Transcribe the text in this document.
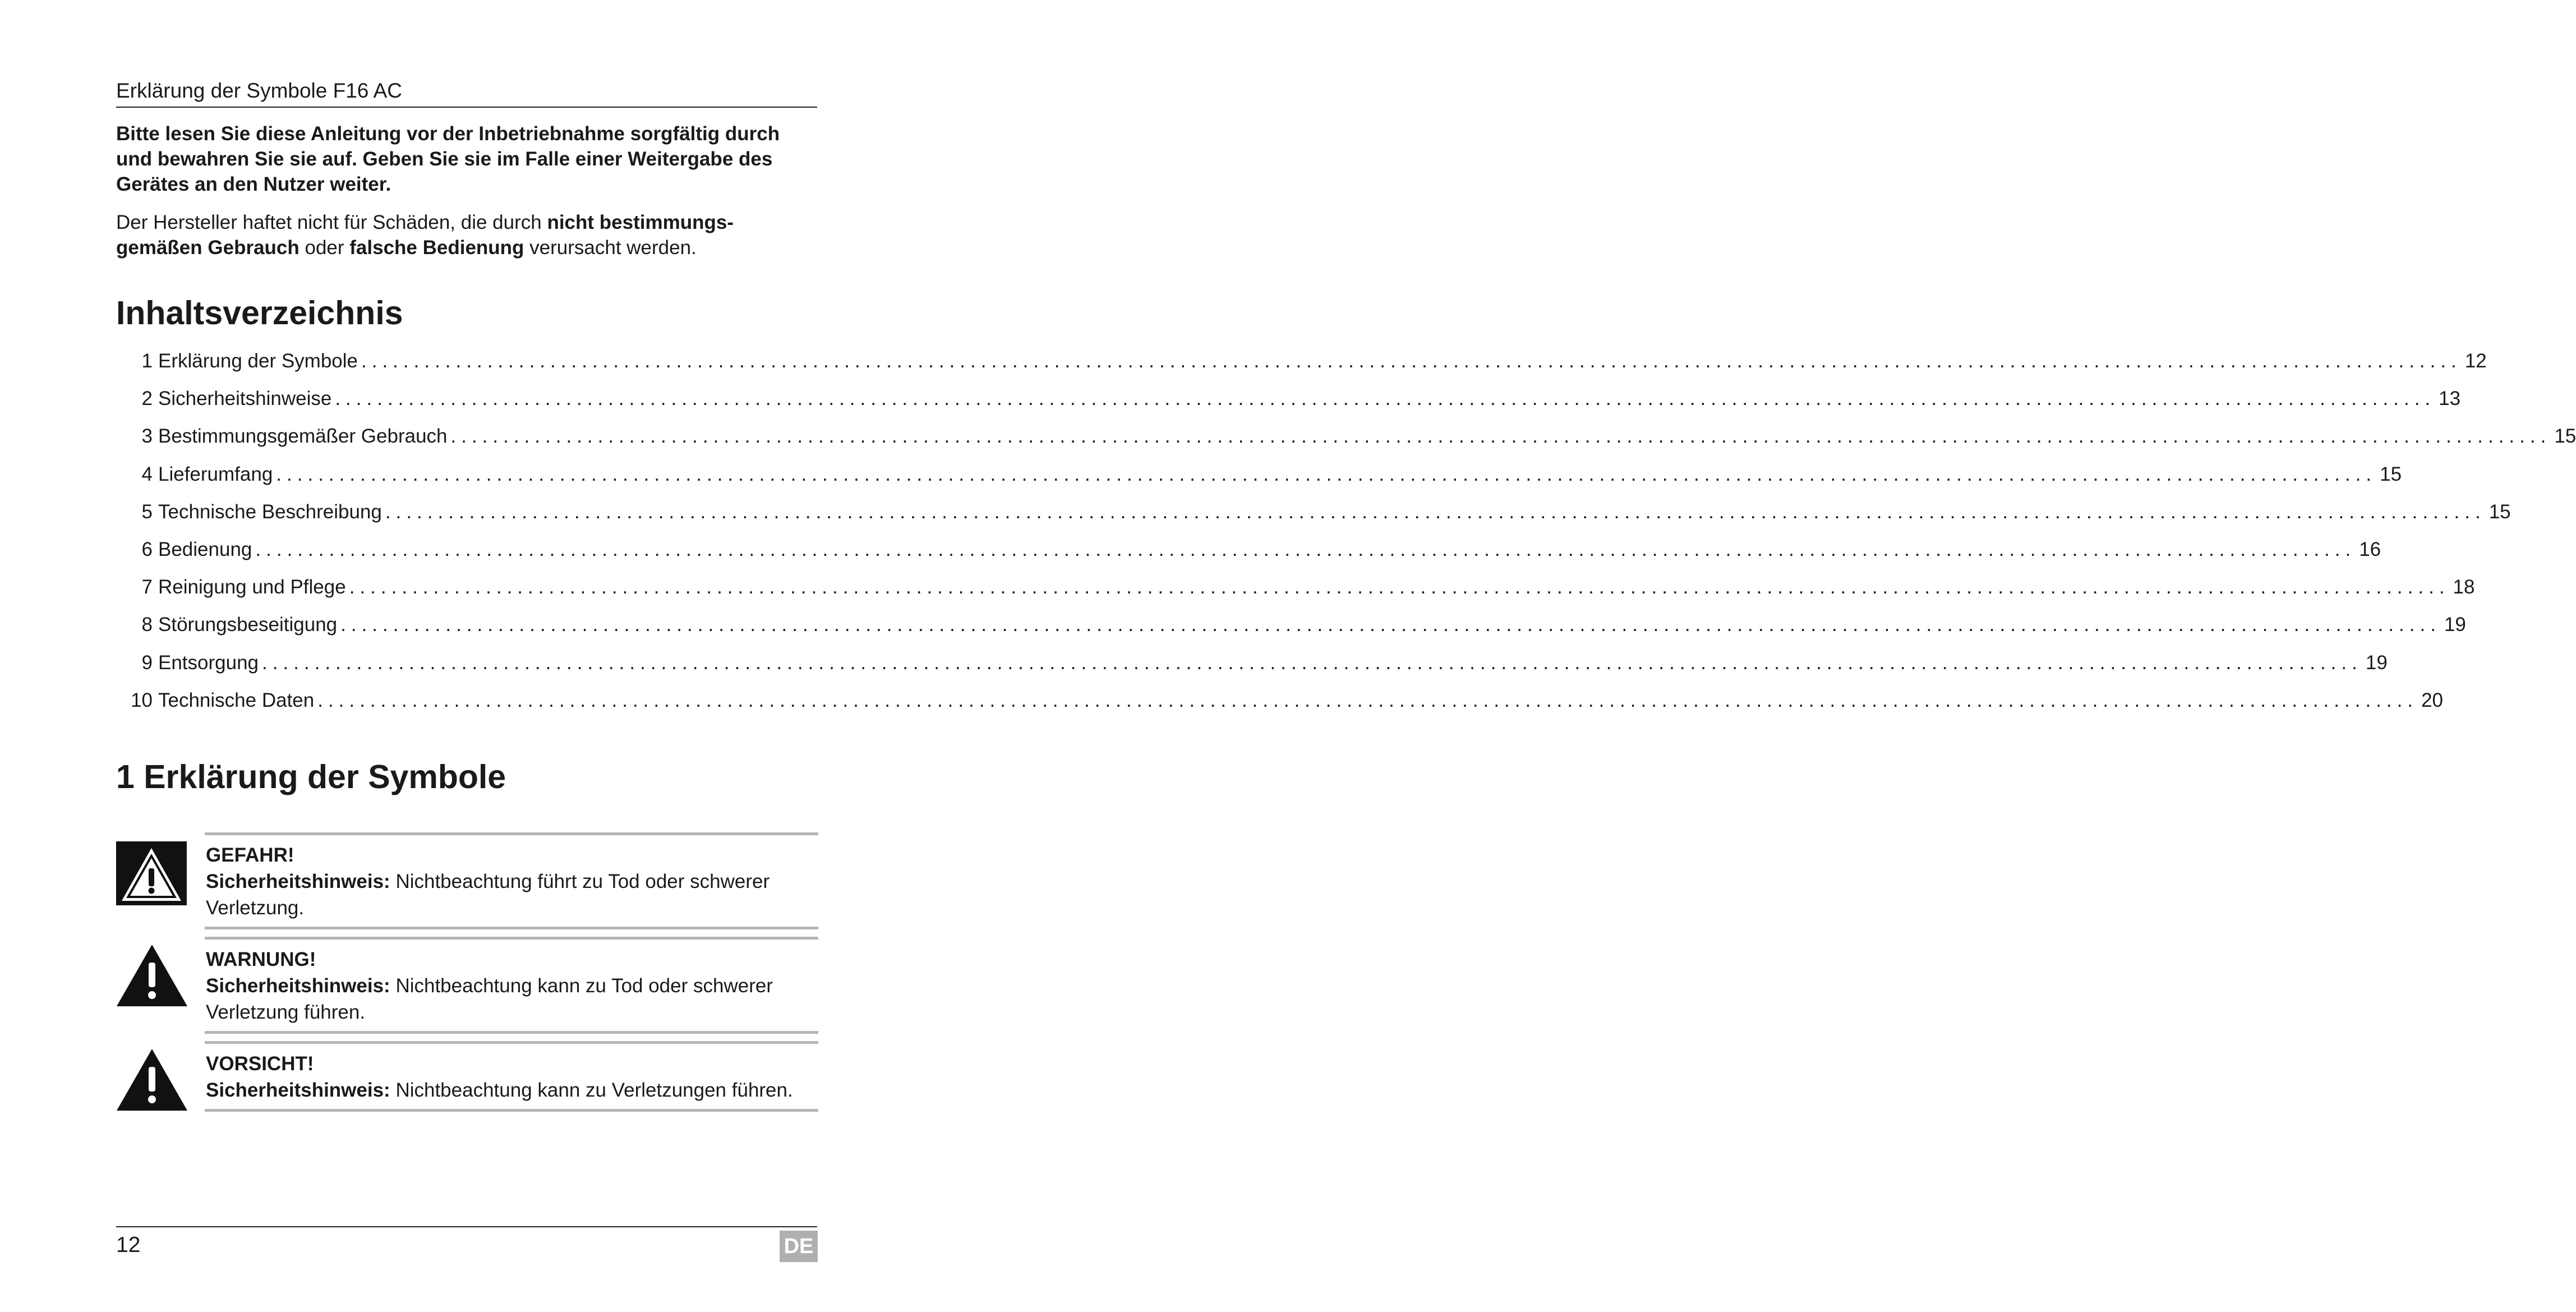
Erklärung der Symbole F16 AC
Bitte lesen Sie diese Anleitung vor der Inbetriebnahme sorgfältig durch und bewahren Sie sie auf. Geben Sie sie im Falle einer Weitergabe des Gerätes an den Nutzer weiter.
Der Hersteller haftet nicht für Schäden, die durch nicht bestimmungs-gemäßen Gebrauch oder falsche Bedienung verursacht werden.
Inhaltsverzeichnis
1 Erklärung der Symbole ........................................................................................................................................................................................................ 12
2 Sicherheitshinweise ........................................................................................................................................................................................................ 13
3 Bestimmungsgemäßer Gebrauch ........................................................................................................................................................................................................ 15
4 Lieferumfang ........................................................................................................................................................................................................ 15
5 Technische Beschreibung ........................................................................................................................................................................................................ 15
6 Bedienung ........................................................................................................................................................................................................ 16
7 Reinigung und Pflege ........................................................................................................................................................................................................ 18
8 Störungsbeseitigung ........................................................................................................................................................................................................ 19
9 Entsorgung ........................................................................................................................................................................................................ 19
10 Technische Daten ........................................................................................................................................................................................................ 20
1 Erklärung der Symbole
GEFAHR!
Sicherheitshinweis: Nichtbeachtung führt zu Tod oder schwerer Verletzung.
WARNUNG!
Sicherheitshinweis: Nichtbeachtung kann zu Tod oder schwerer Verletzung führen.
VORSICHT!
Sicherheitshinweis: Nichtbeachtung kann zu Verletzungen führen.
12	DE
